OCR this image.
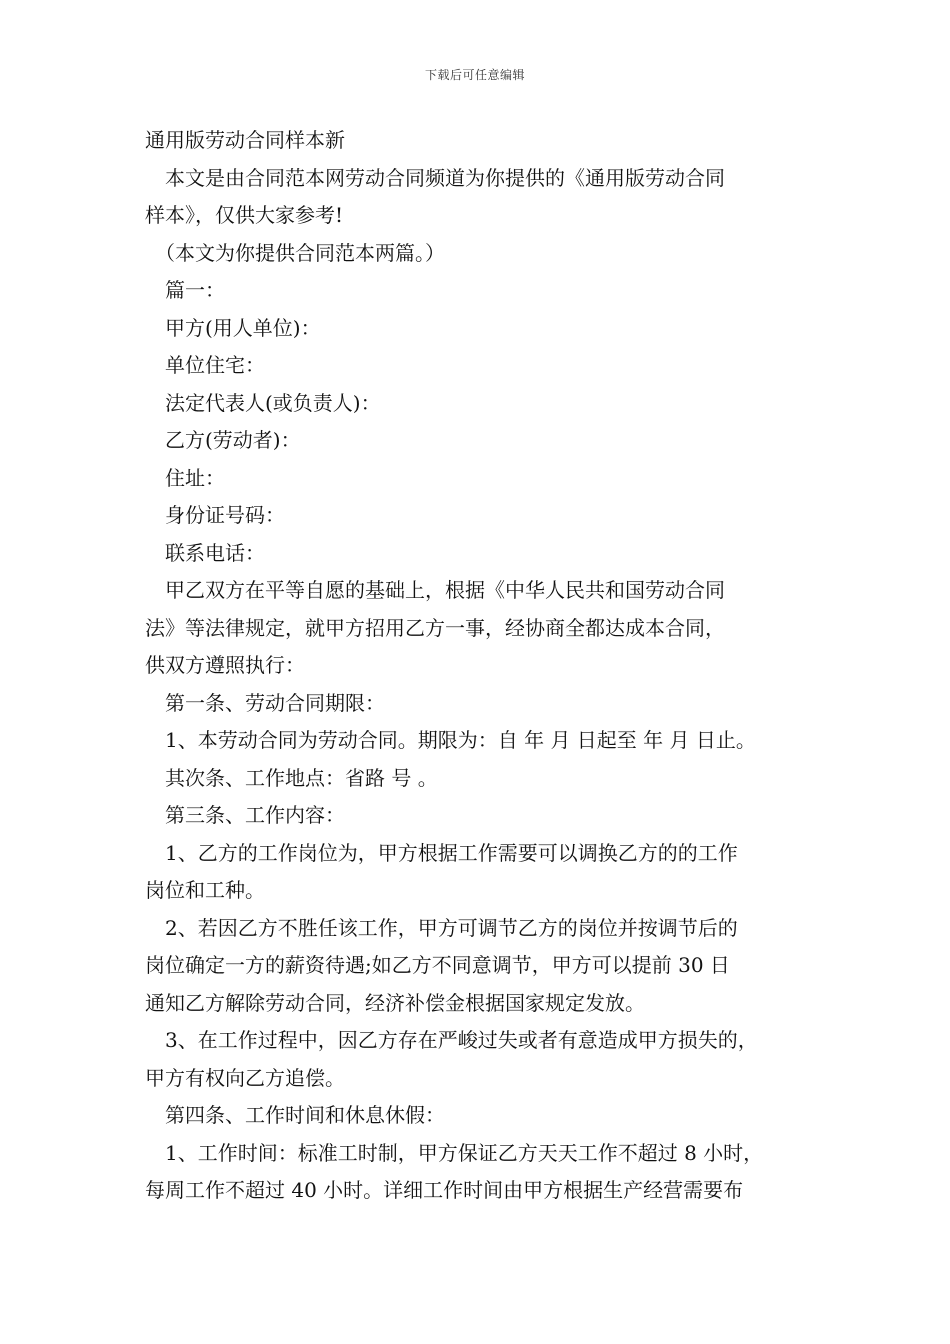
下载后可任意编辑
通用版劳动合同样本新
本文是由合同范本网劳动合同频道为你提供的《通用版劳动合同
样本》，仅供大家参考!
（本文为你提供合同范本两篇。）
篇一：
甲方(用人单位)：
单位住宅：
法定代表人(或负责人)：
乙方(劳动者)：
住址：
身份证号码：
联系电话：
甲乙双方在平等自愿的基础上，根据《中华人民共和国劳动合同
法》等法律规定，就甲方招用乙方一事，经协商全都达成本合同，
供双方遵照执行：
第一条、劳动合同期限：
1、本劳动合同为劳动合同。期限为：自 年 月 日起至 年 月 日止。
其次条、工作地点：省路 号 。
第三条、工作内容：
1、乙方的工作岗位为，甲方根据工作需要可以调换乙方的的工作
岗位和工种。
2、若因乙方不胜任该工作，甲方可调节乙方的岗位并按调节后的
岗位确定一方的薪资待遇;如乙方不同意调节，甲方可以提前 30 日
通知乙方解除劳动合同，经济补偿金根据国家规定发放。
3、在工作过程中，因乙方存在严峻过失或者有意造成甲方损失的，
甲方有权向乙方追偿。
第四条、工作时间和休息休假：
1、工作时间：标准工时制，甲方保证乙方天天工作不超过 8 小时，
每周工作不超过 40 小时。详细工作时间由甲方根据生产经营需要布
